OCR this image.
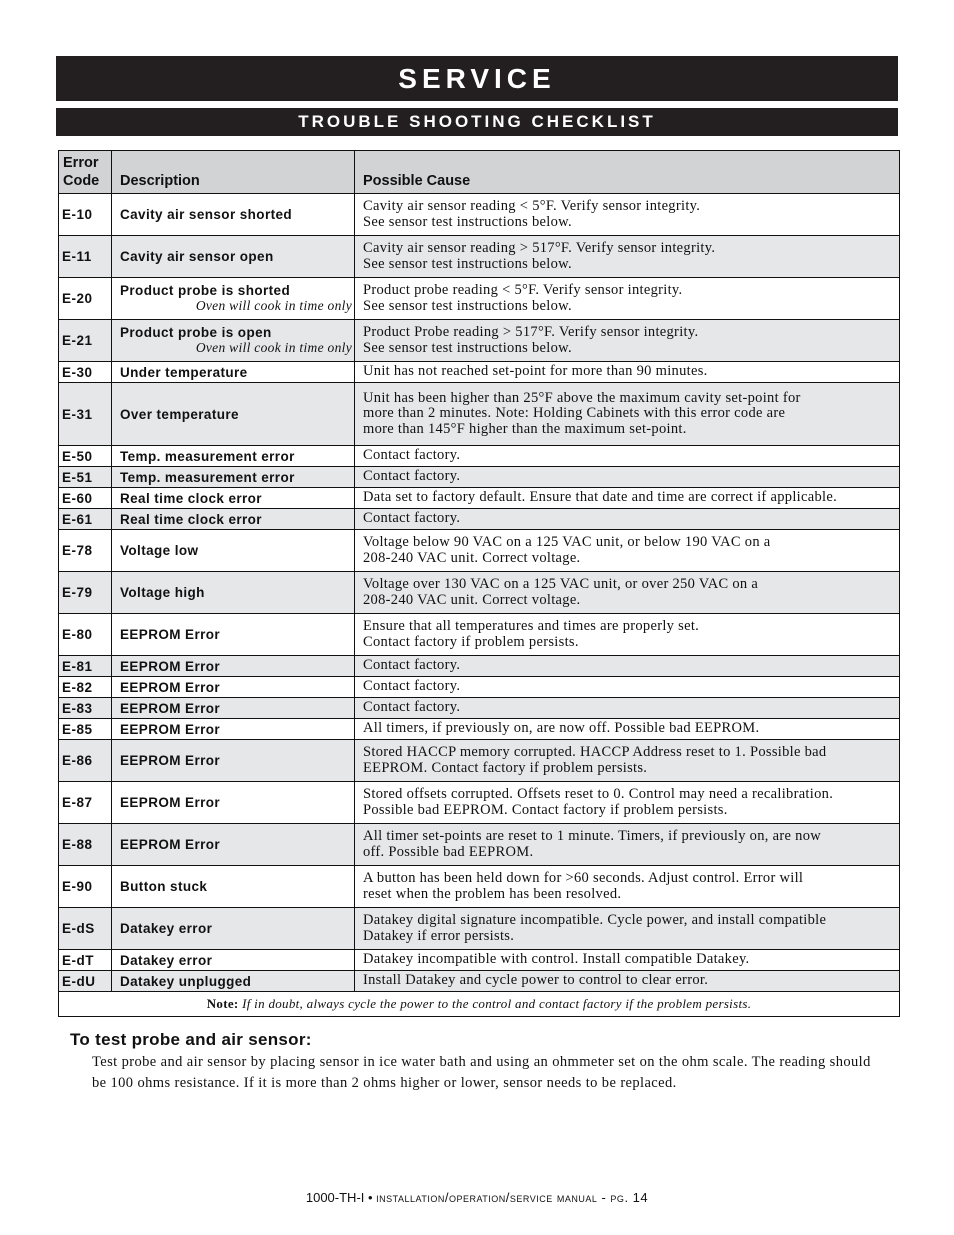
SERVICE
TROUBLE SHOOTING CHECKLIST
Error Code	Description	Possible Cause
E-10	Cavity air sensor shorted	Cavity air sensor reading < 5°F. Verify sensor integrity.
See sensor test instructions below.

E-11	Cavity air sensor open	Cavity air sensor reading > 517°F. Verify sensor integrity.
See sensor test instructions below.

E-20	Product probe is shorted
Oven will cook in time only	Product probe reading < 5°F. Verify sensor integrity.
See sensor test instructions below.

E-21	Product probe is open
Oven will cook in time only	Product Probe reading > 517°F. Verify sensor integrity.
See sensor test instructions below.

E-30	Under temperature	Unit has not reached set-point for more than 90 minutes.

E-31	Over temperature	Unit has been higher than 25°F above the maximum cavity set-point for
more than 2 minutes. Note: Holding Cabinets with this error code are
more than 145°F higher than the maximum set-point.

E-50	Temp. measurement error	Contact factory.

E-51	Temp. measurement error	Contact factory.

E-60	Real time clock error	Data set to factory default. Ensure that date and time are correct if applicable.

E-61	Real time clock error	Contact factory.

E-78	Voltage low	Voltage below 90 VAC on a 125 VAC unit, or below 190 VAC on a
208-240 VAC unit. Correct voltage.

E-79	Voltage high	Voltage over 130 VAC on a 125 VAC unit, or over 250 VAC on a
208-240 VAC unit. Correct voltage.

E-80	EEPROM Error	Ensure that all temperatures and times are properly set.
Contact factory if problem persists.

E-81	EEPROM Error	Contact factory.

E-82	EEPROM Error	Contact factory.

E-83	EEPROM Error	Contact factory.

E-85	EEPROM Error	All timers, if previously on, are now off. Possible bad EEPROM.

E-86	EEPROM Error	Stored HACCP memory corrupted. HACCP Address reset to 1. Possible bad
EEPROM. Contact factory if problem persists.

E-87	EEPROM Error	Stored offsets corrupted. Offsets reset to 0. Control may need a recalibration.
Possible bad EEPROM. Contact factory if problem persists.

E-88	EEPROM Error	All timer set-points are reset to 1 minute. Timers, if previously on, are now
off. Possible bad EEPROM.

E-90	Button stuck	A button has been held down for >60 seconds. Adjust control. Error will
reset when the problem has been resolved.

E-dS	Datakey error	Datakey digital signature incompatible. Cycle power, and install compatible
Datakey if error persists.

E-dT	Datakey error	Datakey incompatible with control. Install compatible Datakey.

E-dU	Datakey unplugged	Install Datakey and cycle power to control to clear error.

Note: If in doubt, always cycle the power to the control and contact factory if the problem persists.		
To test probe and air sensor:
Test probe and air sensor by placing sensor in ice water bath and using an ohmmeter set on the ohm scale. The reading should be 100 ohms resistance. If it is more than 2 ohms higher or lower, sensor needs to be replaced.
1000-TH-I • installation/operation/service manual - pg. 14
